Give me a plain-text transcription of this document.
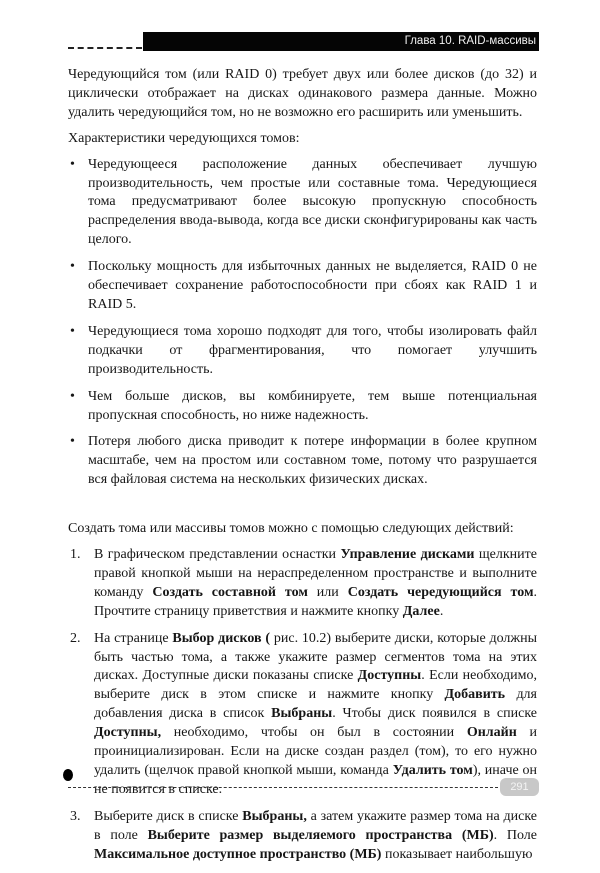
Глава 10. RAID-массивы

Чередующийся том (или RAID 0) требует двух или более дисков (до 32) и циклически отображает на дисках одинакового размера данные. Можно удалить чередующийся том, но не возможно его расширить или уменьшить.

Характеристики чередующихся томов:

• Чередующееся расположение данных обеспечивает лучшую производительность, чем простые или составные тома. Чередующиеся тома предусматривают более высокую пропускную способность распределения ввода-вывода, когда все диски сконфигурированы как часть целого.
• Поскольку мощность для избыточных данных не выделяется, RAID 0 не обеспечивает сохранение работоспособности при сбоях как RAID 1 и RAID 5.
• Чередующиеся тома хорошо подходят для того, чтобы изолировать файл подкачки от фрагментирования, что помогает улучшить производительность.
• Чем больше дисков, вы комбинируете, тем выше потенциальная пропускная способность, но ниже надежность.
• Потеря любого диска приводит к потере информации в более крупном масштабе, чем на простом или составном томе, потому что разрушается вся файловая система на нескольких физических дисках.

Создать тома или массивы томов можно с помощью следующих действий:

1. В графическом представлении оснастки Управление дисками щелкните правой кнопкой мыши на нераспределенном пространстве и выполните команду Создать составной том или Создать чередующийся том. Прочтите страницу приветствия и нажмите кнопку Далее.
2. На странице Выбор дисков ( рис. 10.2) выберите диски, которые должны быть частью тома, а также укажите размер сегментов тома на этих дисках. Доступные диски показаны списке Доступны. Если необходимо, выберите диск в этом списке и нажмите кнопку Добавить для добавления диска в список Выбраны. Чтобы диск появился в списке Доступны, необходимо, чтобы он был в состоянии Онлайн и проинициализирован. Если на диске создан раздел (том), то его нужно удалить (щелчок правой кнопкой мыши, команда Удалить том), иначе он не появится в списке.
3. Выберите диск в списке Выбраны, а затем укажите размер тома на диске в поле Выберите размер выделяемого пространства (МБ). Поле Максимальное доступное пространство (МБ) показывает наибольшую
291
